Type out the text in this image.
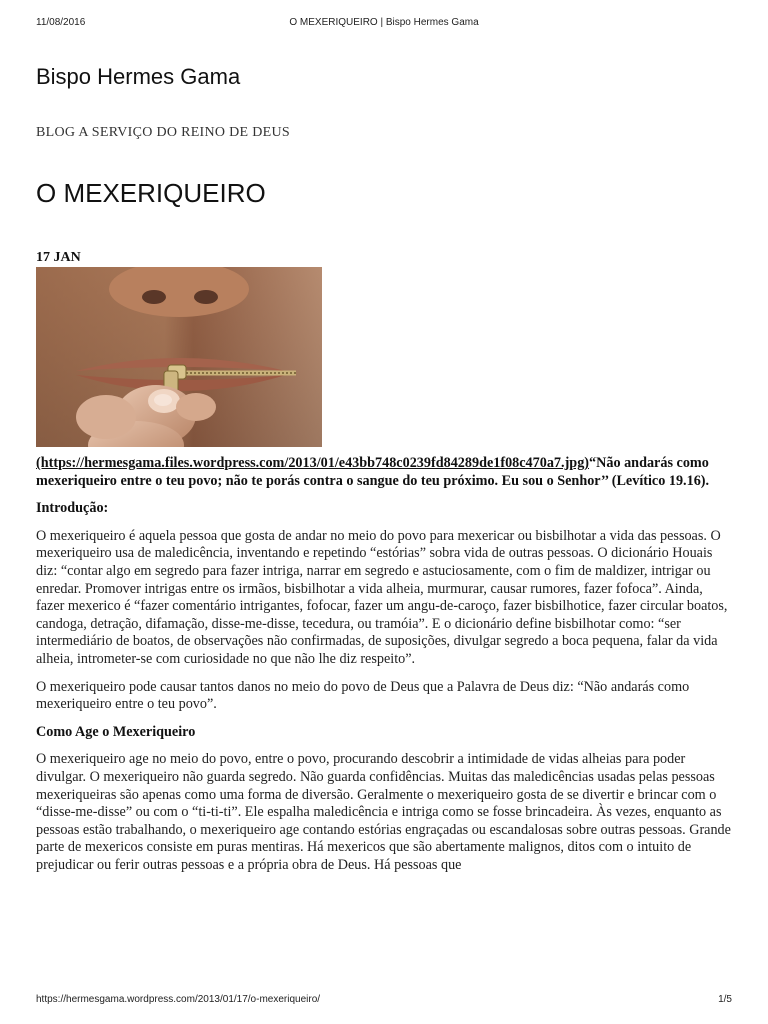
11/08/2016	O MEXERIQUEIRO | Bispo Hermes Gama
Bispo Hermes Gama
BLOG A SERVIÇO DO REINO DE DEUS
O MEXERIQUEIRO
17 JAN

(https://hermesgama.files.wordpress.com/2013/01/e43bb748c0239fd84289de1f08c470a7.jpg)“Não andarás como mexeriqueiro entre o teu povo; não te porás contra o sangue do teu próximo. Eu sou o Senhor’’ (Levítico 19.16).

Introdução:

O mexeriqueiro é aquela pessoa que gosta de andar no meio do povo para mexericar ou bisbilhotar a vida das pessoas. O mexeriqueiro usa de maledicência, inventando e repetindo “estórias” sobra vida de outras pessoas. O dicionário Houais diz: “contar algo em segredo para fazer intriga, narrar em segredo e astuciosamente, com o fim de maldizer, intrigar ou enredar. Promover intrigas entre os irmãos, bisbilhotar a vida alheia, murmurar, causar rumores, fazer fofoca”. Ainda, fazer mexerico é “fazer comentário intrigantes, fofocar, fazer um angu-de-caroço, fazer bisbilhotice, fazer circular boatos, candoga, detração, difamação, disse-me-disse, tecedura, ou tramóia”. E o dicionário define bisbilhotar como: “ser intermediário de boatos, de observações não confirmadas, de suposições, divulgar segredo a boca pequena, falar da vida alheia, intrometer-se com curiosidade no que não lhe diz respeito”.

O mexeriqueiro pode causar tantos danos no meio do povo de Deus que a Palavra de Deus diz: “Não andarás como mexeriqueiro entre o teu povo”.

Como Age o Mexeriqueiro

O mexeriqueiro age no meio do povo, entre o povo, procurando descobrir a intimidade de vidas alheias para poder divulgar. O mexeriqueiro não guarda segredo. Não guarda confidências. Muitas das maledicências usadas pelas pessoas mexeriqueiras são apenas como uma forma de diversão. Geralmente o mexeriqueiro gosta de se divertir e brincar com o “disse-me-disse” ou com o “ti-ti-ti”. Ele espalha maledicência e intriga como se fosse brincadeira. Às vezes, enquanto as pessoas estão trabalhando, o mexeriqueiro age contando estórias engraçadas ou escandalosas sobre outras pessoas. Grande parte de mexericos consiste em puras mentiras. Há mexericos que são abertamente malignos, ditos com o intuito de prejudicar ou ferir outras pessoas e a própria obra de Deus. Há pessoas que

https://hermesgama.wordpress.com/2013/01/17/o-mexeriqueiro/	1/5
